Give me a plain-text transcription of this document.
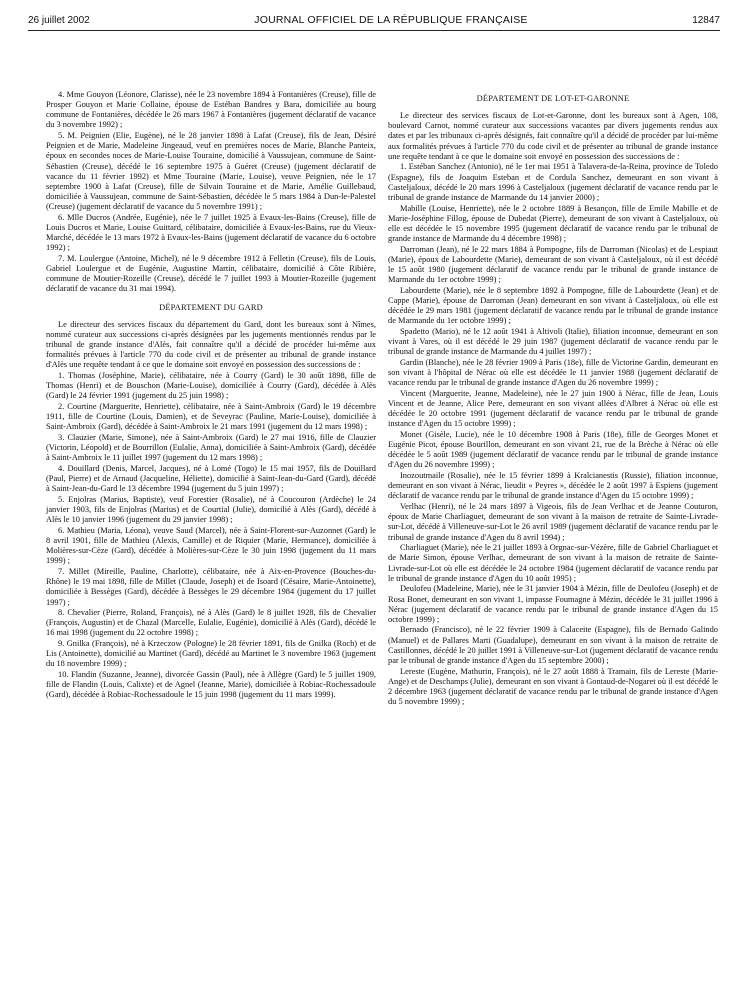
26 juillet 2002	JOURNAL OFFICIEL DE LA RÉPUBLIQUE FRANÇAISE	12847

4. Mme Gouyon (Léonore, Clarisse), née le 23 novembre 1894 à Fontanières (Creuse), fille de Prosper Gouyon et Marie Collaine, épouse de Estéban Bandres y Bara, domiciliée au bourg commune de Fontanières, décédée le 26 mars 1967 à Fontanières (jugement déclaratif de vacance du 3 novembre 1992) ;

5. M. Peignien (Elie, Eugène), né le 28 janvier 1898 à Lafat (Creuse), fils de Jean, Désiré Peignien et de Marie, Madeleine Jingeaud, veuf en premières noces de Marie, Blanche Panteix, époux en secondes noces de Marie-Louise Touraine, domicilié à Vaussujean, commune de Saint-Sébastien (Creuse), décédé le 16 septembre 1975 à Guéret (Creuse) (jugement déclaratif de vacance du 11 février 1992) et Mme Touraine (Marie, Louise), veuve Peignien, née le 17 septembre 1900 à Lafat (Creuse), fille de Silvain Touraine et de Marie, Amélie Guillebaud, domiciliée à Vaussujean, commune de Saint-Sébastien, décédée le 5 mars 1984 à Dun-le-Palestel (Creuse) (jugement déclaratif de vacance du 5 novembre 1991) ;

6. Mlle Ducros (Andrée, Eugénie), née le 7 juillet 1925 à Evaux-les-Bains (Creuse), fille de Louis Ducros et Marie, Louise Guittard, célibataire, domiciliée à Evaux-les-Bains, rue du Vieux-Marché, décédée le 13 mars 1972 à Evaux-les-Bains (jugement déclaratif de vacance du 6 octobre 1992) ;

7. M. Loulergue (Antoine, Michel), né le 9 décembre 1912 à Felletin (Creuse), fils de Louis, Gabriel Loulergue et de Eugénie, Augustine Martin, célibataire, domicilié à Côte Ribière, commune de Moutier-Rozeille (Creuse), décédé le 7 juillet 1993 à Moutier-Rozeille (jugement déclaratif de vacance du 31 mai 1994).

DÉPARTEMENT DU GARD

Le directeur des services fiscaux du département du Gard, dont les bureaux sont à Nîmes, nommé curateur aux successions ci-après désignées par les jugements mentionnés rendus par le tribunal de grande instance d'Alès, fait connaître qu'il a décidé de procéder lui-même aux formalités prévues à l'article 770 du code civil et de présenter au tribunal de grande instance d'Alès une requête tendant à ce que le domaine soit envoyé en possession des successions de :

1. Thomas (Joséphine, Marie), célibataire, née à Courry (Gard) le 30 août 1898, fille de Thomas (Henri) et de Bouschon (Marie-Louise), domiciliée à Courry (Gard), décédée à Alès (Gard) le 24 février 1991 (jugement du 25 juin 1998) ;

2. Courtine (Marguerite, Henriette), célibataire, née à Saint-Ambroix (Gard) le 19 décembre 1911, fille de Courtine (Louis, Damien), et de Seveyrac (Pauline, Marie-Louise), domiciliée à Saint-Ambroix (Gard), décédée à Saint-Ambroix le 21 mars 1991 (jugement du 12 mars 1998) ;

3. Clauzier (Marie, Simone), née à Saint-Ambroix (Gard) le 27 mai 1916, fille de Clauzier (Victorin, Léopold) et de Bourrillon (Eulalie, Anna), domiciliée à Saint-Ambroix (Gard), décédée à Saint-Ambroix le 11 juillet 1997 (jugement du 12 mars 1998) ;

4. Douillard (Denis, Marcel, Jacques), né à Lomé (Togo) le 15 mai 1957, fils de Douillard (Paul, Pierre) et de Arnaud (Jacqueline, Héliette), domicilié à Saint-Jean-du-Gard (Gard), décédé à Saint-Jean-du-Gard le 13 décembre 1994 (jugement du 5 juin 1997) ;

5. Enjolras (Marius, Baptiste), veuf Forestier (Rosalie), né à Coucouron (Ardèche) le 24 janvier 1903, fils de Enjolras (Marius) et de Courtial (Julie), domicilié à Alès (Gard), décédé à Alès le 10 janvier 1996 (jugement du 29 janvier 1998) ;

6. Mathieu (Maria, Léona), veuve Saud (Marcel), née à Saint-Florent-sur-Auzonnet (Gard) le 8 avril 1901, fille de Mathieu (Alexis, Camille) et de Riquier (Marie, Hermance), domiciliée à Molières-sur-Cèze (Gard), décédée à Molières-sur-Cèze le 30 juin 1998 (jugement du 11 mars 1999) ;

7. Millet (Mireille, Pauline, Charlotte), célibataire, née à Aix-en-Provence (Bouches-du-Rhône) le 19 mai 1898, fille de Millet (Claude, Joseph) et de Isoard (Césaire, Marie-Antoinette), domiciliée à Bessèges (Gard), décédée à Bessèges le 29 décembre 1984 (jugement du 17 juillet 1997) ;

8. Chevalier (Pierre, Roland, François), né à Alès (Gard) le 8 juillet 1928, fils de Chevalier (François, Augustin) et de Chazal (Marcelle, Eulalie, Eugénie), domicilié à Alès (Gard), décédé le 16 mai 1998 (jugement du 22 octobre 1998) ;

9. Gnilka (François), né à Krzeczow (Pologne) le 28 février 1891, fils de Gnilka (Roch) et de Lis (Antoinette), domicilié au Martinet (Gard), décédé au Martinet le 3 novembre 1963 (jugement du 18 novembre 1999) ;

10. Flandin (Suzanne, Jeanne), divorcée Gassin (Paul), née à Allègre (Gard) le 5 juillet 1909, fille de Flandin (Louis, Calixte) et de Agnel (Jeanne, Marie), domiciliée à Robiac-Rochessadoule (Gard), décédée à Robiac-Rochessadoule le 15 juin 1998 (jugement du 11 mars 1999).

DÉPARTEMENT DE LOT-ET-GARONNE

Le directeur des services fiscaux de Lot-et-Garonne, dont les bureaux sont à Agen, 108, boulevard Carnot, nommé curateur aux successions vacantes par divers jugements rendus aux dates et par les tribunaux ci-après désignés, fait connaître qu'il a décidé de procéder par lui-même aux formalités prévues à l'article 770 du code civil et de présenter au tribunal de grande instance une requête tendant à ce que le domaine soit envoyé en possession des successions de :

1. Estéban Sanchez (Antonio), né le 1er mai 1951 à Talavera-de-la-Reina, province de Toledo (Espagne), fils de Joaquim Esteban et de Cordula Sanchez, demeurant en son vivant à Casteljaloux, décédé le 20 mars 1996 à Casteljaloux (jugement déclaratif de vacance rendu par le tribunal de grande instance de Marmande du 14 janvier 2000) ;

Mabille (Louise, Henriette), née le 2 octobre 1889 à Besançon, fille de Emile Mabille et de Marie-Joséphine Fillog, épouse de Dubedat (Pierre), demeurant de son vivant à Casteljaloux, où elle est décédée le 15 novembre 1995 (jugement déclaratif de vacance rendu par le tribunal de grande instance de Marmande du 4 décembre 1998) ;

Darroman (Jean), né le 22 mars 1884 à Pompogne, fils de Darroman (Nicolas) et de Lespiaut (Marie), époux de Labourdette (Marie), demeurant de son vivant à Casteljaloux, où il est décédé le 15 août 1980 (jugement déclaratif de vacance rendu par le tribunal de grande instance de Marmande du 1er octobre 1999) ;

Labourdette (Marie), née le 8 septembre 1892 à Pompogne, fille de Labourdette (Jean) et de Cappe (Marie), épouse de Darroman (Jean) demeurant en son vivant à Casteljaloux, où elle est décédée le 29 mars 1981 (jugement déclaratif de vacance rendu par le tribunal de grande instance de Marmande du 1er octobre 1999) ;

Spadetto (Mario), né le 12 août 1941 à Altivoli (Italie), filiation inconnue, demeurant en son vivant à Vares, où il est décédé le 29 juin 1987 (jugement déclaratif de vacance rendu par le tribunal de grande instance de Marmande du 4 juillet 1997) ;

Gardin (Blanche), née le 28 février 1909 à Paris (18e), fille de Victorine Gardin, demeurant en son vivant à l'hôpital de Nérac où elle est décédée le 11 janvier 1988 (jugement déclaratif de vacance rendu par le tribunal de grande instance d'Agen du 26 novembre 1999) ;

Vincent (Marguerite, Jeanne, Madeleine), née le 27 juin 1900 à Nérac, fille de Jean, Louis Vincent et de Jeanne, Alice Pere, demeurant en son vivant allées d'Albret à Nérac où elle est décédée le 20 octobre 1991 (jugement déclaratif de vacance rendu par le tribunal de grande instance d'Agen du 15 octobre 1999) ;

Monet (Gisèle, Lucie), née le 10 décembre 1908 à Paris (18e), fille de Georges Monet et Eugénie Picot, épouse Bourillon, demeurant en son vivant 21, rue de la Brèche à Nérac où elle décédée le 5 août 1989 (jugement déclaratif de vacance rendu par le tribunal de grande instance d'Agen du 26 novembre 1999) ;

Inozoutmaile (Rosalie), née le 15 février 1899 à Kralcianestis (Russie), filiation inconnue, demeurant en son vivant à Nérac, lieudit « Peyres », décédée le 2 août 1997 à Espiens (jugement déclaratif de vacance rendu par le tribunal de grande instance d'Agen du 15 octobre 1999) ;

Verlhac (Henri), né le 24 mars 1897 à Vigeois, fils de Jean Verlhac et de Jeanne Couturon, époux de Marie Charliaguet, demeurant de son vivant à la maison de retraite de Sainte-Livrade-sur-Lot, décédé à Villeneuve-sur-Lot le 26 avril 1989 (jugement déclaratif de vacance rendu par le tribunal de grande instance d'Agen du 8 avril 1994) ;

Charliaguet (Marie), née le 21 juillet 1893 à Orgnac-sur-Vézère, fille de Gabriel Charliaguet et de Marie Simon, épouse Verlhac, demeurant de son vivant à la maison de retraite de Sainte-Livrade-sur-Lot où elle est décédée le 24 octobre 1984 (jugement déclaratif de vacance rendu par le tribunal de grande instance d'Agen du 10 août 1995) ;

Deulofeu (Madeleine, Marie), née le 31 janvier 1904 à Mézin, fille de Deulofeu (Joseph) et de Rosa Bonet, demeurant en son vivant 1, impasse Foumagne à Mézin, décédée le 31 juillet 1996 à Nérac (jugement déclaratif de vacance rendu par le tribunal de grande instance d'Agen du 15 octobre 1999) ;

Bernado (Francisco), né le 22 février 1909 à Calaceite (Espagne), fils de Bernado Galindo (Manuel) et de Pallares Marti (Guadalupe), demeurant en son vivant à la maison de retraite de Castillonnes, décédé le 20 juillet 1991 à Villeneuve-sur-Lot (jugement déclaratif de vacance rendu par le tribunal de grande instance d'Agen du 15 septembre 2000) ;

Lereste (Eugène, Mathurin, François), né le 27 août 1888 à Tramain, fils de Lereste (Marie-Ange) et de Deschamps (Julie), demeurant en son vivant à Gontaud-de-Nogaret où il est décédé le 2 décembre 1963 (jugement déclaratif de vacance rendu par le tribunal de grande instance d'Agen du 5 novembre 1999) ;
